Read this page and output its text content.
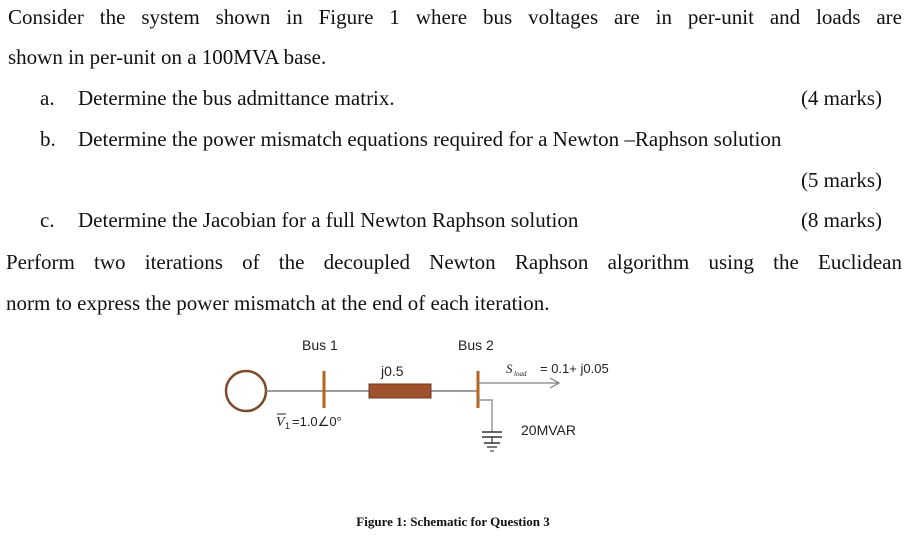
Consider the system shown in Figure 1 where bus voltages are in per-unit and loads are
shown in per-unit on a 100MVA base.
a. Determine the bus admittance matrix.	(4 marks)
b. Determine the power mismatch equations required for a Newton –Raphson solution
(5 marks)
c. Determine the Jacobian for a full Newton Raphson solution	(8 marks)
Perform two iterations of the decoupled Newton Raphson algorithm using the Euclidean
norm to express the power mismatch at the end of each iteration.
Bus 1	Bus 2
j0.5
V 1 =1.0∠0°
S load = 0.1+ j0.05
20MVAR
Figure 1: Schematic for Question 3
